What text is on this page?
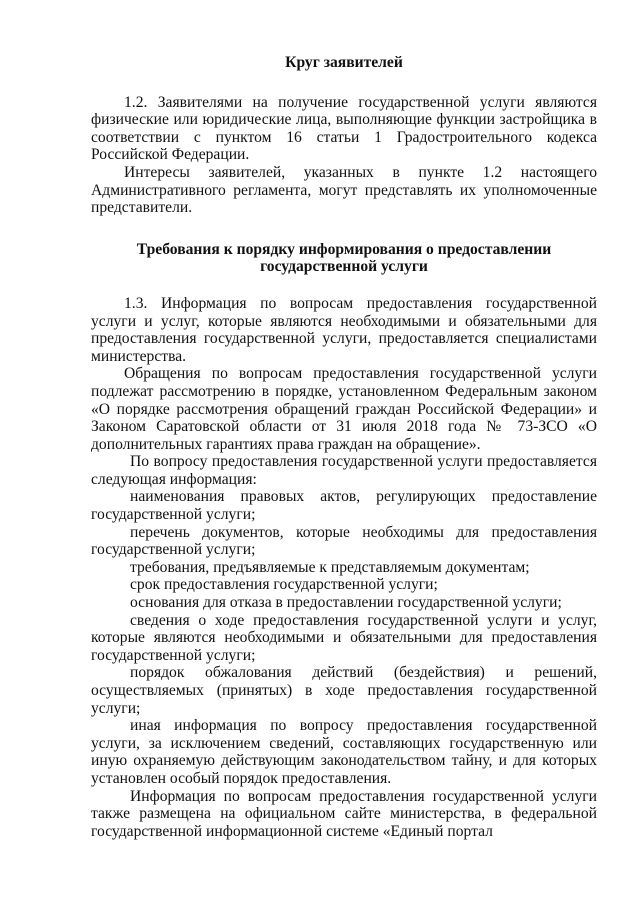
Круг заявителей

1.2. Заявителями на получение государственной услуги являются физические или юридические лица, выполняющие функции застройщика в соответствии с пунктом 16 статьи 1 Градостроительного кодекса Российской Федерации.

Интересы заявителей, указанных в пункте 1.2 настоящего Административного регламента, могут представлять их уполномоченные представители.

Требования к порядку информирования о предоставлении
государственной услуги

1.3. Информация по вопросам предоставления государственной услуги и услуг, которые являются необходимыми и обязательными для предоставления государственной услуги, предоставляется специалистами министерства.

Обращения по вопросам предоставления государственной услуги подлежат рассмотрению в порядке, установленном Федеральным законом «О порядке рассмотрения обращений граждан Российской Федерации» и Законом Саратовской области от 31 июля 2018 года № 73-ЗСО «О дополнительных гарантиях права граждан на обращение».

По вопросу предоставления государственной услуги предоставляется следующая информация:

наименования правовых актов, регулирующих предоставление государственной услуги;

перечень документов, которые необходимы для предоставления государственной услуги;

требования, предъявляемые к представляемым документам;

срок предоставления государственной услуги;

основания для отказа в предоставлении государственной услуги;

сведения о ходе предоставления государственной услуги и услуг, которые являются необходимыми и обязательными для предоставления государственной услуги;

порядок обжалования действий (бездействия) и решений, осуществляемых (принятых) в ходе предоставления государственной услуги;

иная информация по вопросу предоставления государственной услуги, за исключением сведений, составляющих государственную или иную охраняемую действующим законодательством тайну, и для которых установлен особый порядок предоставления.

Информация по вопросам предоставления государственной услуги также размещена на официальном сайте министерства, в федеральной государственной информационной системе «Единый портал
